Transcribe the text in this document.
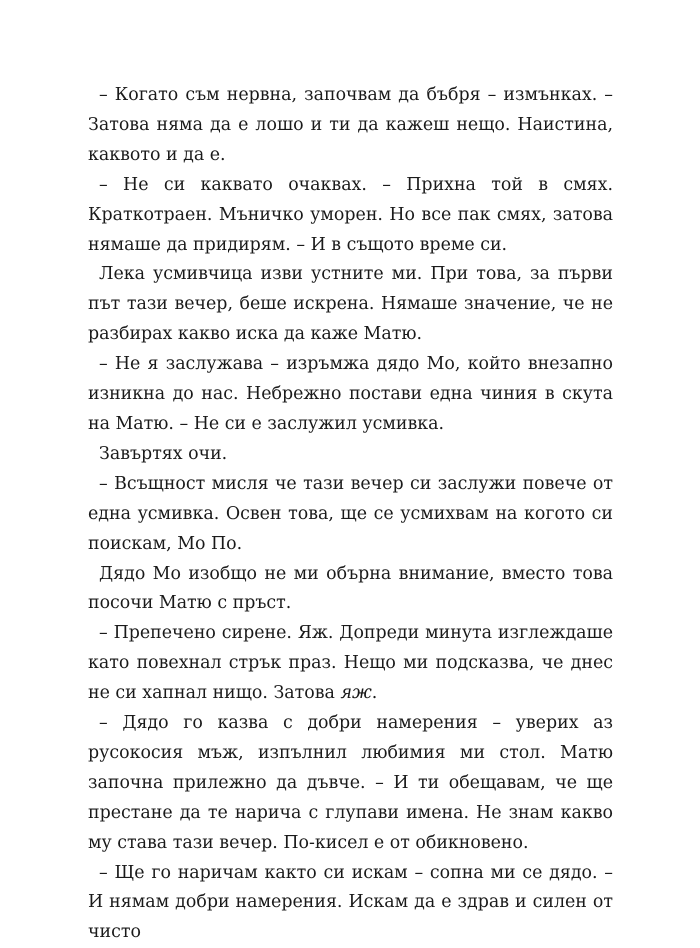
– Когато съм нервна, започвам да бъбря – измънках. – Затова няма да е лошо и ти да кажеш нещо. Наистина, каквото и да е.

– Не си каквато очаквах. – Прихна той в смях. Краткотраен. Мъничко уморен. Но все пак смях, затова нямаше да придирям. – И в същото време си.

Лека усмивчица изви устните ми. При това, за първи път тази вечер, беше искрена. Нямаше значение, че не разбирах какво иска да каже Матю.

– Не я заслужава – изръмжа дядо Мо, който внезапно изникна до нас. Небрежно постави една чиния в скута на Матю. – Не си е заслужил усмивка.

Завъртях очи.

– Всъщност мисля че тази вечер си заслужи повече от една усмивка. Освен това, ще се усмихвам на когото си поискам, Мо По.

Дядо Мо изобщо не ми обърна внимание, вместо това посочи Матю с пръст.

– Препечено сирене. Яж. Допреди минута изглеждаше като повехнал стрък праз. Нещо ми подсказва, че днес не си хапнал нищо. Затова яж.

– Дядо го казва с добри намерения – уверих аз русокосия мъж, изпълнил любимия ми стол. Матю започна прилежно да дъвче. – И ти обещавам, че ще престане да те нарича с глупави имена. Не знам какво му става тази вечер. По-кисел е от обикновено.

– Ще го наричам както си искам – сопна ми се дядо. – И нямам добри намерения. Искам да е здрав и силен от чисто
